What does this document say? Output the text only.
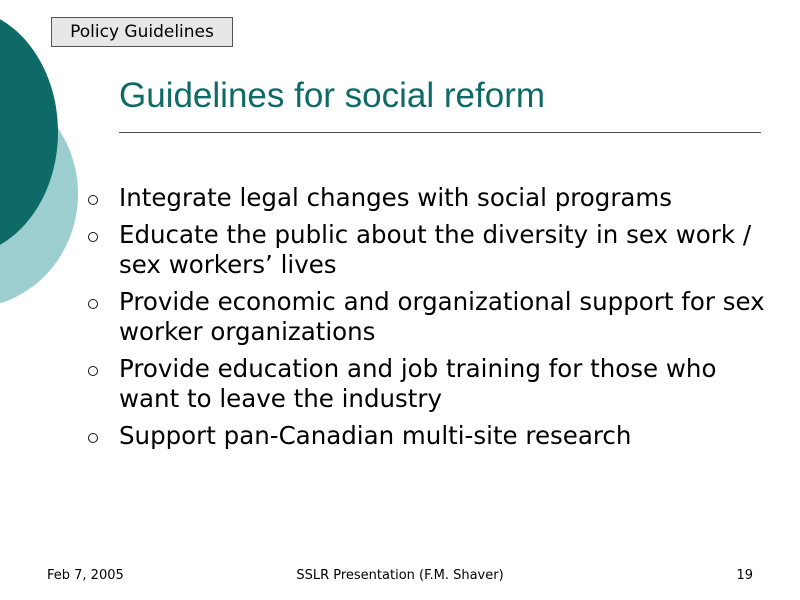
Policy Guidelines
Guidelines for social reform
Integrate legal changes with social programs
Educate the public about the diversity in sex work / sex workers’ lives
Provide economic and organizational support for sex worker organizations
Provide education and job training for those who want to leave the industry
Support pan-Canadian multi-site research
Feb 7, 2005	SSLR Presentation (F.M. Shaver)	19
